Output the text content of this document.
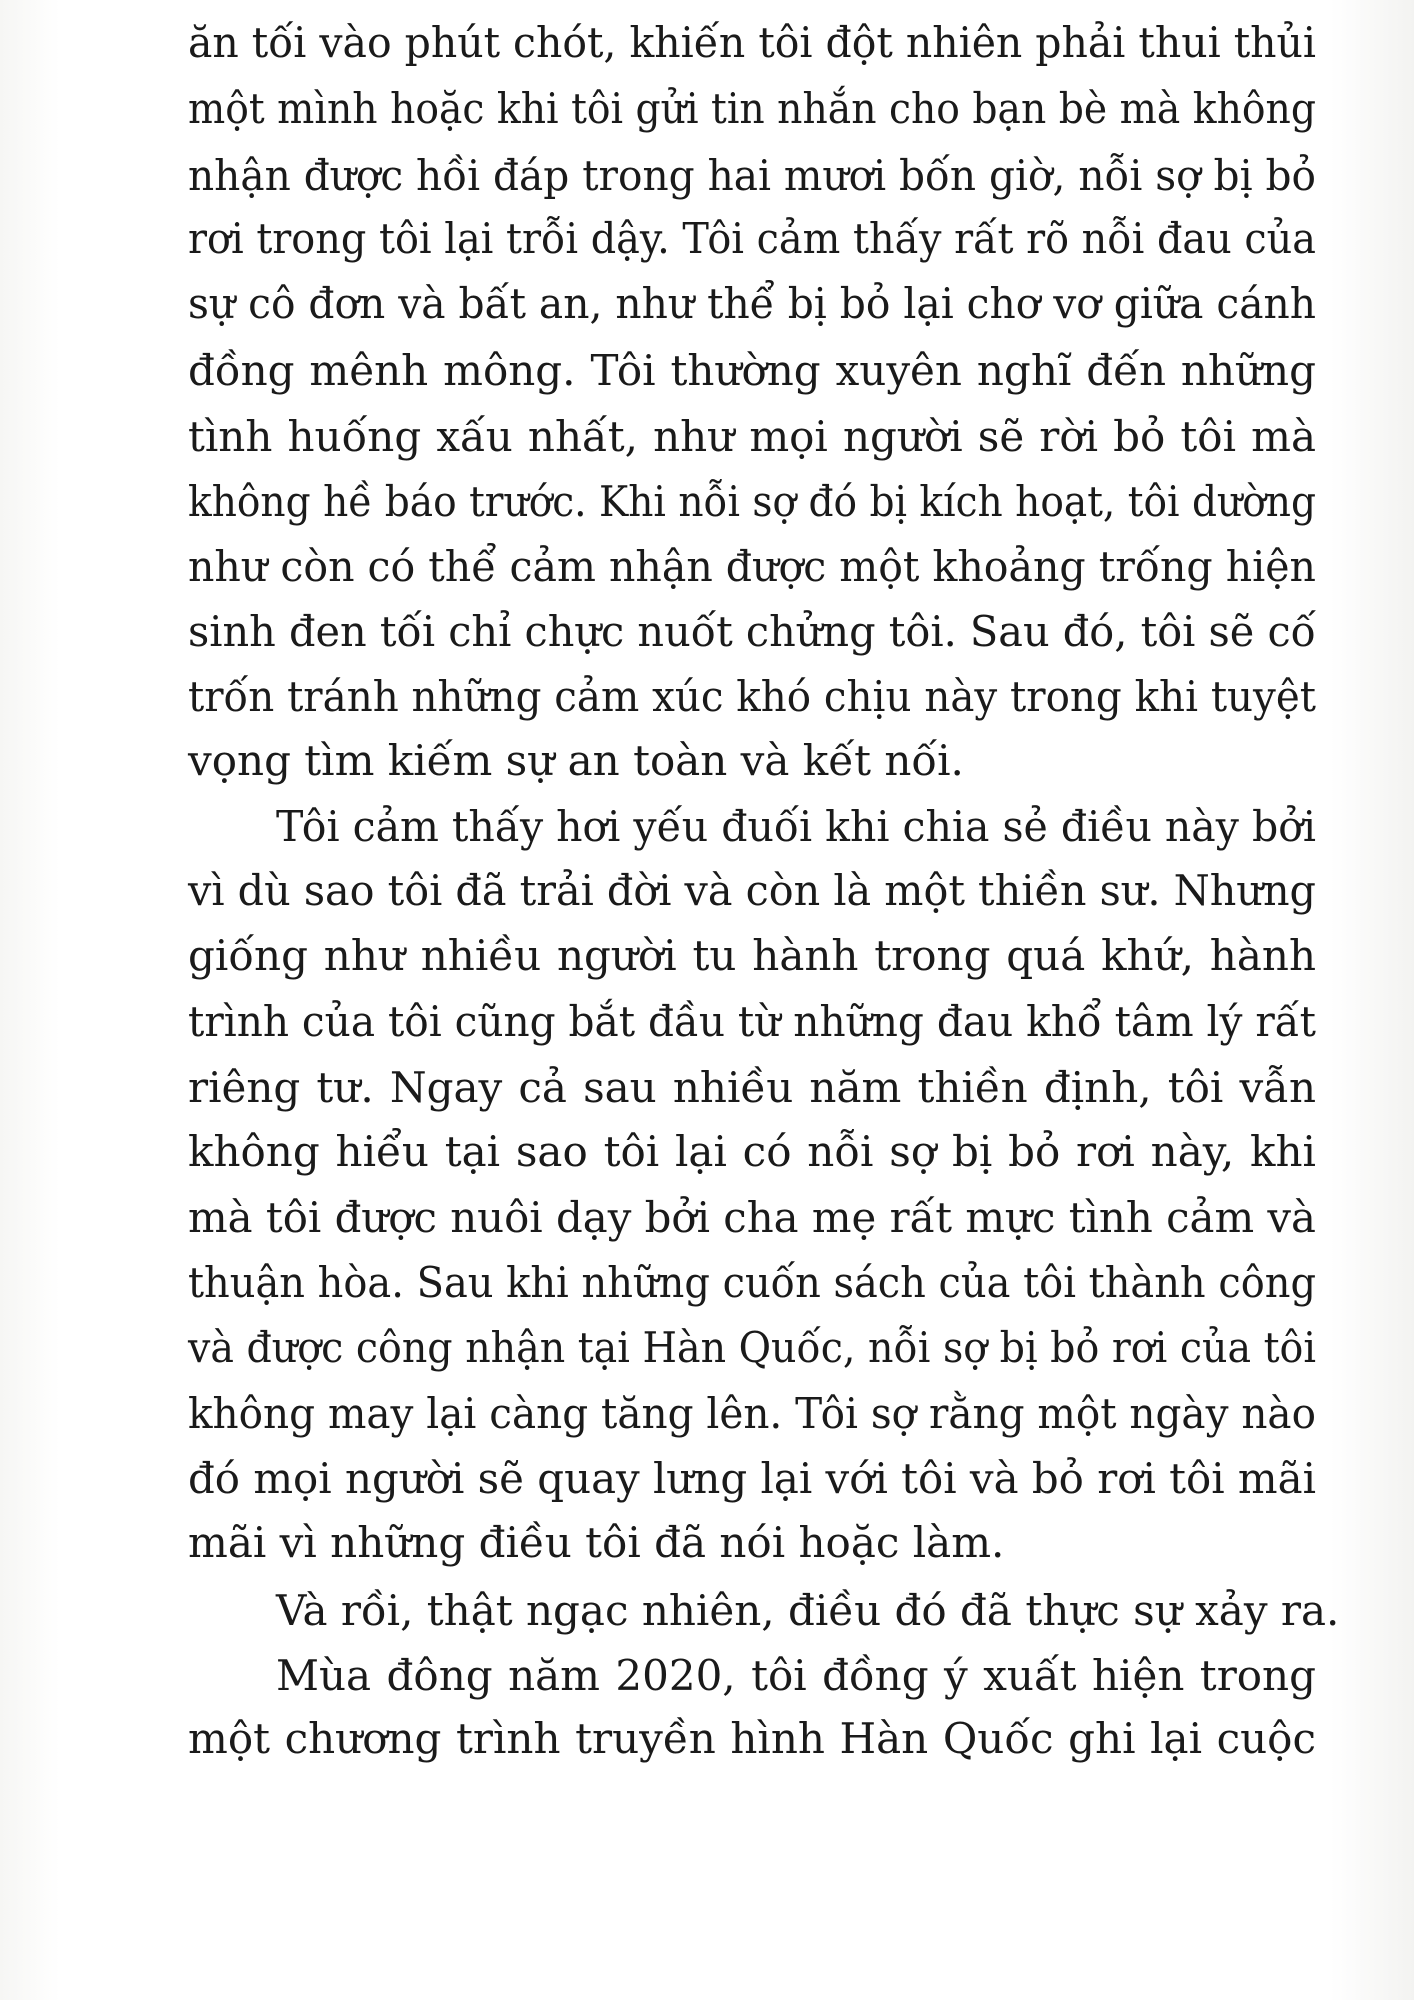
ăn tối vào phút chót, khiến tôi đột nhiên phải thui thủi
một mình hoặc khi tôi gửi tin nhắn cho bạn bè mà không
nhận được hồi đáp trong hai mươi bốn giờ, nỗi sợ bị bỏ
rơi trong tôi lại trỗi dậy. Tôi cảm thấy rất rõ nỗi đau của
sự cô đơn và bất an, như thể bị bỏ lại chơ vơ giữa cánh
đồng mênh mông. Tôi thường xuyên nghĩ đến những
tình huống xấu nhất, như mọi người sẽ rời bỏ tôi mà
không hề báo trước. Khi nỗi sợ đó bị kích hoạt, tôi dường
như còn có thể cảm nhận được một khoảng trống hiện
sinh đen tối chỉ chực nuốt chửng tôi. Sau đó, tôi sẽ cố
trốn tránh những cảm xúc khó chịu này trong khi tuyệt
vọng tìm kiếm sự an toàn và kết nối.
Tôi cảm thấy hơi yếu đuối khi chia sẻ điều này bởi
vì dù sao tôi đã trải đời và còn là một thiền sư. Nhưng
giống như nhiều người tu hành trong quá khứ, hành
trình của tôi cũng bắt đầu từ những đau khổ tâm lý rất
riêng tư. Ngay cả sau nhiều năm thiền định, tôi vẫn
không hiểu tại sao tôi lại có nỗi sợ bị bỏ rơi này, khi
mà tôi được nuôi dạy bởi cha mẹ rất mực tình cảm và
thuận hòa. Sau khi những cuốn sách của tôi thành công
và được công nhận tại Hàn Quốc, nỗi sợ bị bỏ rơi của tôi
không may lại càng tăng lên. Tôi sợ rằng một ngày nào
đó mọi người sẽ quay lưng lại với tôi và bỏ rơi tôi mãi
mãi vì những điều tôi đã nói hoặc làm.
Và rồi, thật ngạc nhiên, điều đó đã thực sự xảy ra.
Mùa đông năm 2020, tôi đồng ý xuất hiện trong
một chương trình truyền hình Hàn Quốc ghi lại cuộc
